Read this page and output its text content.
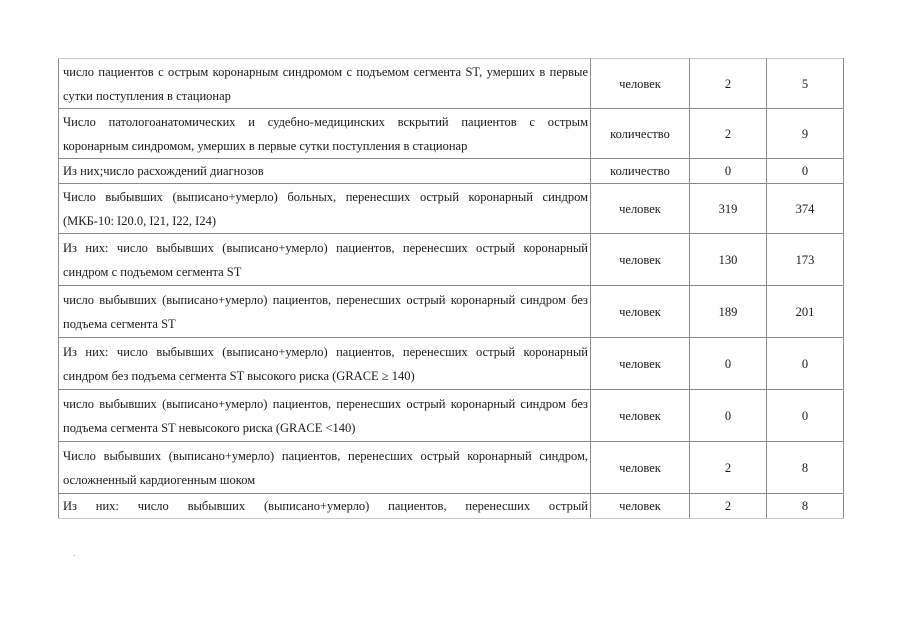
число пациентов с острым коронарным синдромом с подъемом сегмента ST, умерших в первые сутки поступления в стационар	человек	2	5

Число патологоанатомических и судебно-медицинских вскрытий пациентов с острым коронарным синдромом, умерших в первые сутки поступления в стационар	количество	2	9

Из них;число расхождений диагнозов	количество	0	0

Число выбывших (выписано+умерло) больных, перенесших острый коронарный синдром (МКБ-10: I20.0, I21, I22, I24)	человек	319	374

Из них: число выбывших (выписано+умерло) пациентов, перенесших острый коронарный синдром с подъемом сегмента ST	человек	130	173

число выбывших (выписано+умерло) пациентов, перенесших острый коронарный синдром без подъема сегмента ST	человек	189	201

Из них: число выбывших (выписано+умерло) пациентов, перенесших острый коронарный синдром без подъема сегмента ST высокого риска (GRACE ≥ 140)	человек	0	0

число выбывших (выписано+умерло) пациентов, перенесших острый коронарный синдром без подъема сегмента ST невысокого риска (GRACE <140)	человек	0	0

Число выбывших (выписано+умерло) пациентов, перенесших острый коронарный синдром, осложненный кардиогенным шоком	человек	2	8

Из них: число выбывших (выписано+умерло) пациентов, перенесших острый	человек	2	8
